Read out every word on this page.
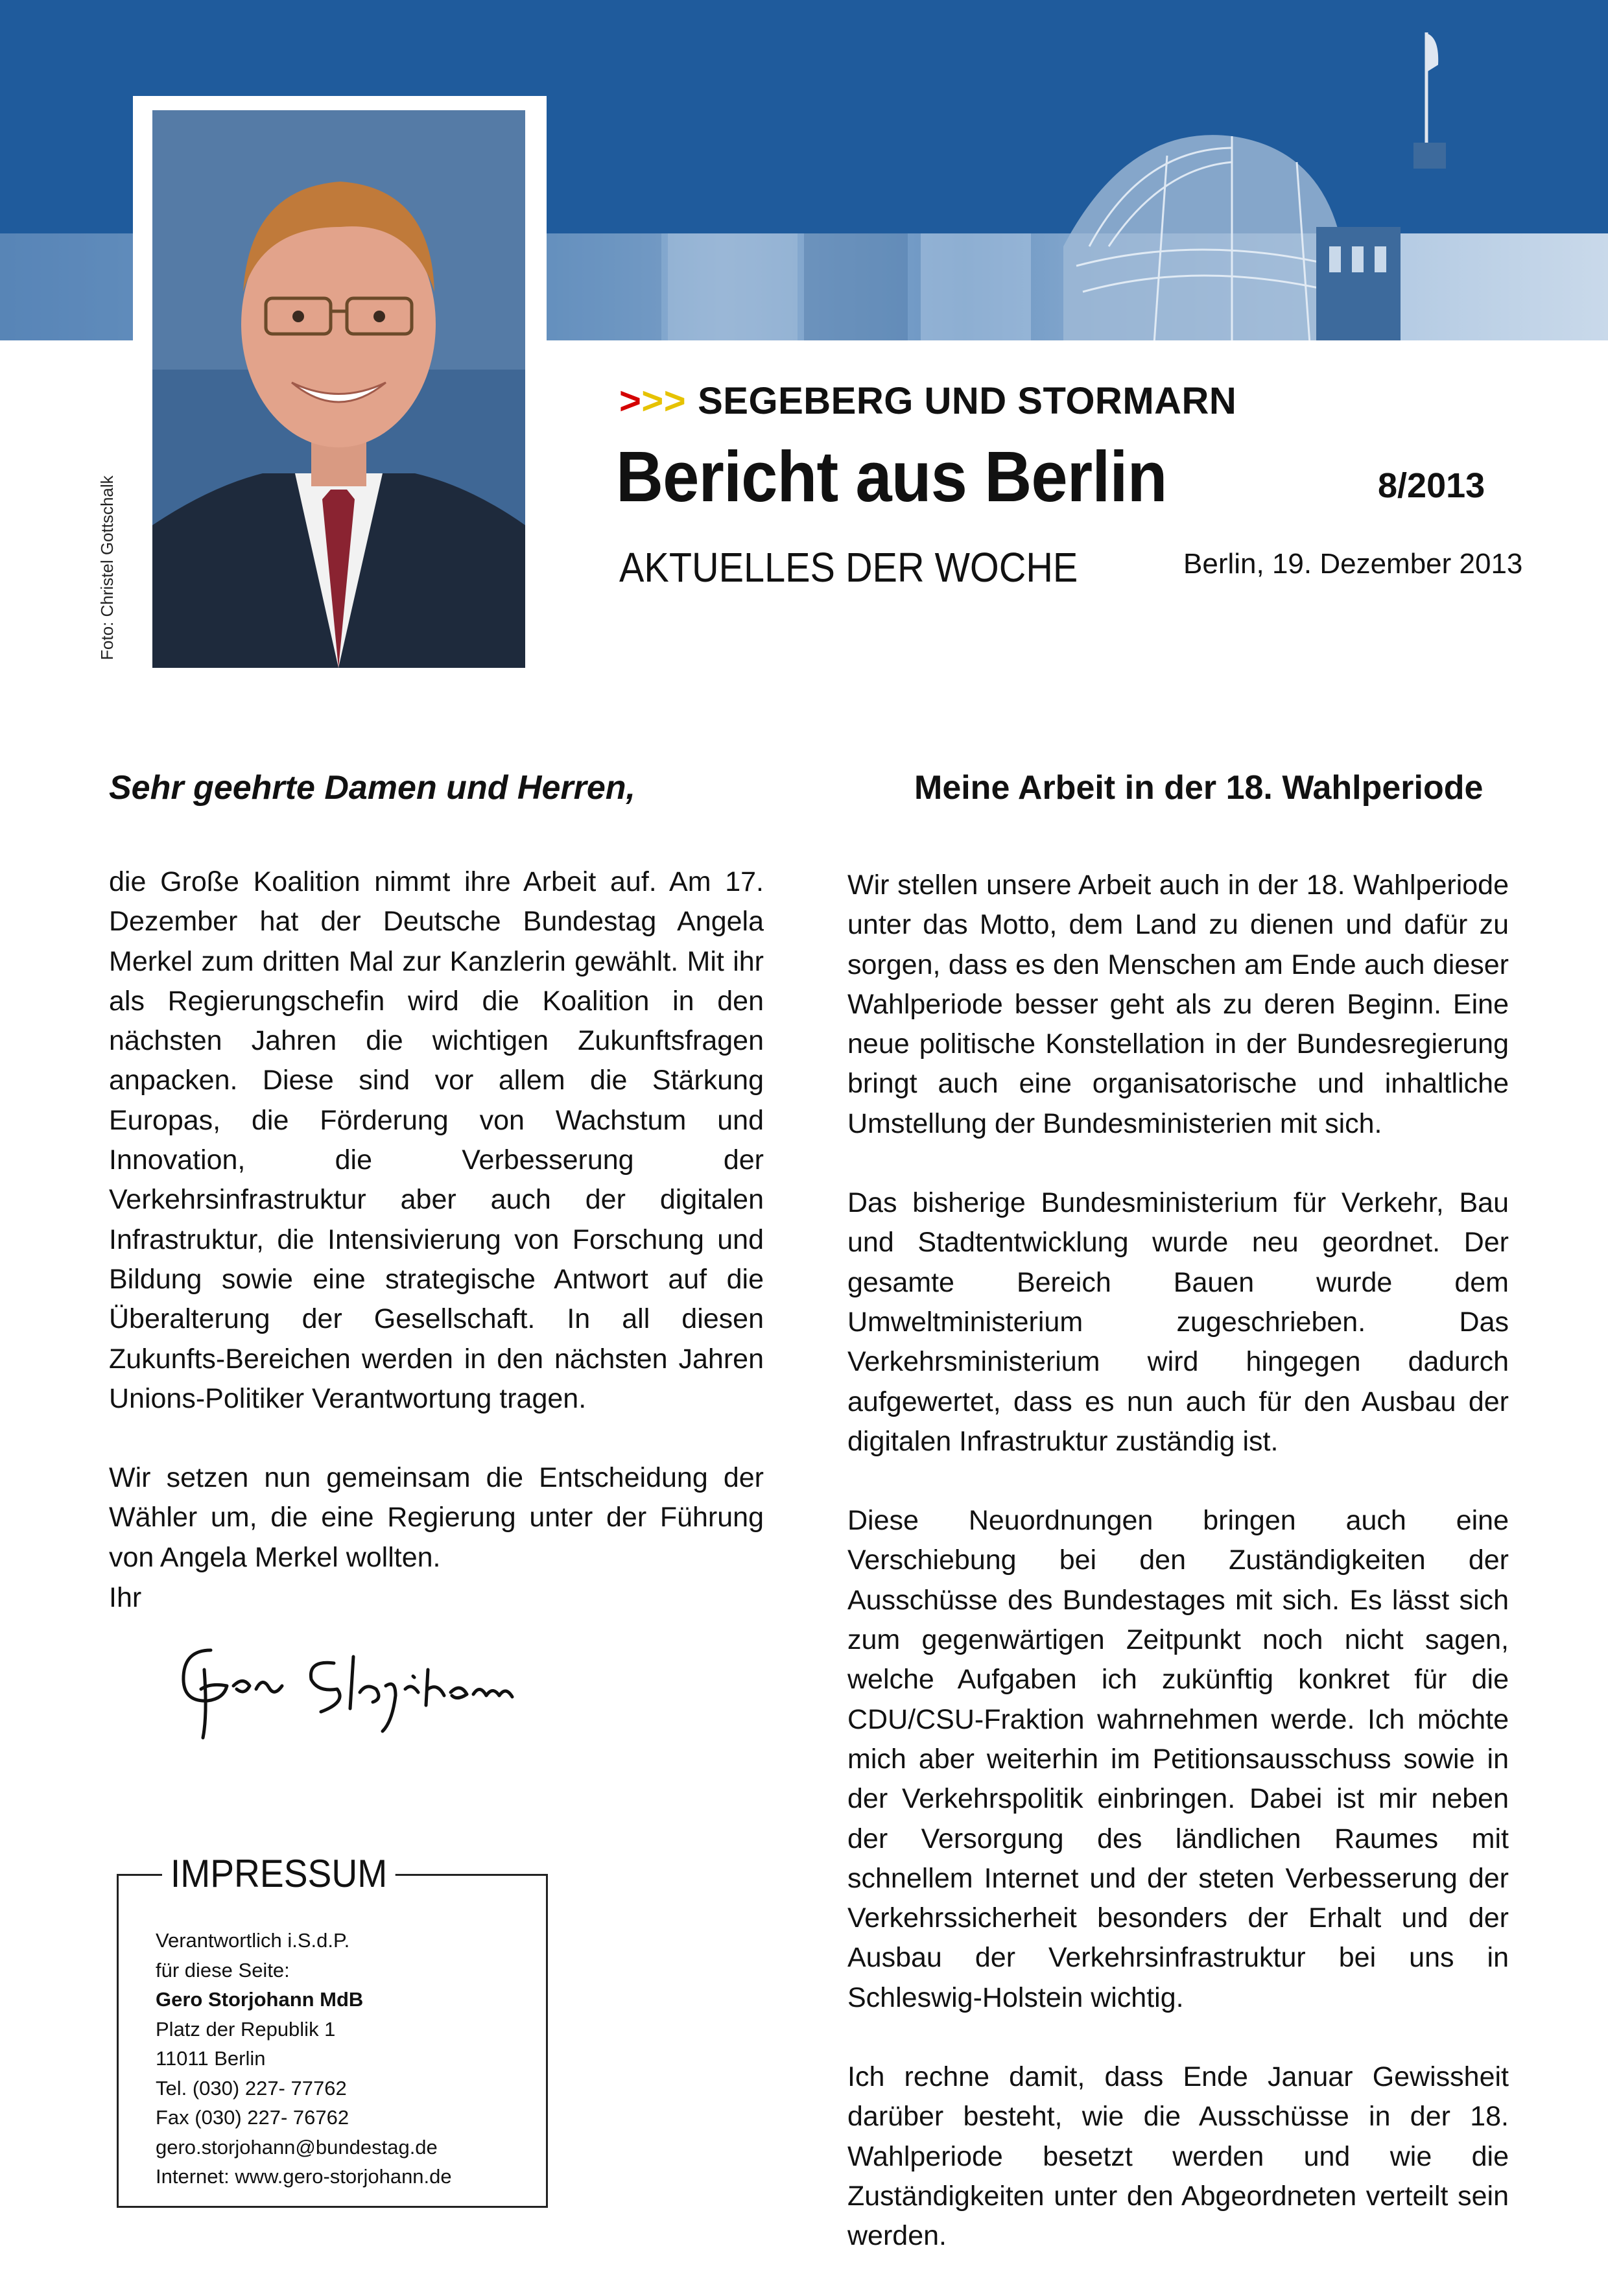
Foto: Christel Gottschalk
>>> SEGEBERG UND STORMARN
Bericht aus Berlin	8/2013
AKTUELLES DER WOCHE	Berlin, 19. Dezember 2013
Sehr geehrte Damen und Herren,	Meine Arbeit in der 18. Wahlperiode

die Große Koalition nimmt ihre Arbeit auf. Am 17. Dezember hat der Deutsche Bundestag Angela Merkel zum dritten Mal zur Kanzlerin gewählt. Mit ihr als Regierungschefin wird die Koalition in den nächsten Jahren die wichtigen Zukunftsfragen anpacken. Diese sind vor allem die Stärkung Europas, die Förderung von Wachstum und Innovation, die Verbesserung der Verkehrsinfrastruktur aber auch der digitalen Infrastruktur, die Intensivierung von Forschung und Bildung sowie eine strategische Antwort auf die Überalterung der Gesellschaft. In all diesen Zukunfts-Bereichen werden in den nächsten Jahren Unions-Politiker Verantwortung tragen.

Wir setzen nun gemeinsam die Entscheidung der Wähler um, die eine Regierung unter der Führung von Angela Merkel wollten.

Ihr

Wir stellen unsere Arbeit auch in der 18. Wahlperiode unter das Motto, dem Land zu dienen und dafür zu sorgen, dass es den Menschen am Ende auch dieser Wahlperiode besser geht als zu deren Beginn. Eine neue politische Konstellation in der Bundesregierung bringt auch eine organisatorische und inhaltliche Umstellung der Bundesministerien mit sich.

Das bisherige Bundesministerium für Verkehr, Bau und Stadtentwicklung wurde neu geordnet. Der gesamte Bereich Bauen wurde dem Umweltministerium zugeschrieben. Das Verkehrsministerium wird hingegen dadurch aufgewertet, dass es nun auch für den Ausbau der digitalen Infrastruktur zuständig ist.

Diese Neuordnungen bringen auch eine Verschiebung bei den Zuständigkeiten der Ausschüsse des Bundestages mit sich. Es lässt sich zum gegenwärtigen Zeitpunkt noch nicht sagen, welche Aufgaben ich zukünftig konkret für die CDU/CSU-Fraktion wahrnehmen werde. Ich möchte mich aber weiterhin im Petitionsausschuss sowie in der Verkehrspolitik einbringen. Dabei ist mir neben der Versorgung des ländlichen Raumes mit schnellem Internet und der steten Verbesserung der Verkehrssicherheit besonders der Erhalt und der Ausbau der Verkehrsinfrastruktur bei uns in Schleswig-Holstein wichtig.

Ich rechne damit, dass Ende Januar Gewissheit darüber besteht, wie die Ausschüsse in der 18. Wahlperiode besetzt werden und wie die Zuständigkeiten unter den Abgeordneten verteilt sein werden.

IMPRESSUM
Verantwortlich i.S.d.P.
für diese Seite:
Gero Storjohann MdB
Platz der Republik 1
11011 Berlin
Tel. (030) 227- 77762
Fax (030) 227- 76762
gero.storjohann@bundestag.de
Internet: www.gero-storjohann.de
